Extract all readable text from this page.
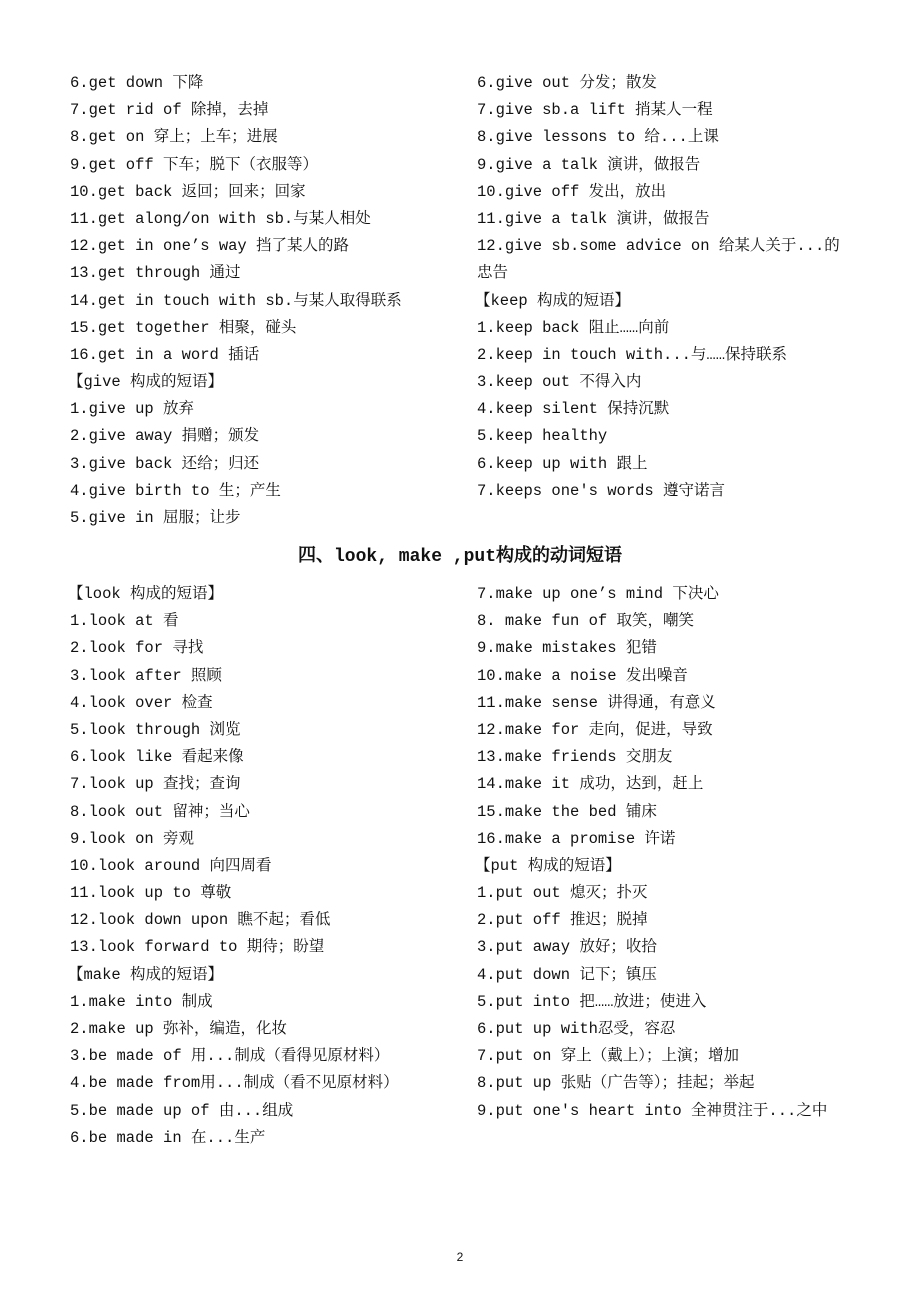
6.get down 下降
7.get rid of 除掉，去掉
8.get on 穿上；上车；进展
9.get off 下车；脱下（衣服等）
10.get back 返回；回来；回家
11.get along/on with sb.与某人相处
12.get in one’s way 挡了某人的路
13.get through 通过
14.get in touch with sb.与某人取得联系
15.get together 相聚，碰头
16.get in a word 插话
【give 构成的短语】
1.give up 放弃
2.give away 捐赠；颁发
3.give back 还给；归还
4.give birth to 生；产生
5.give in 屈服；让步
6.give out 分发；散发
7.give sb.a lift 捎某人一程
8.give lessons to 给...上课
9.give a talk 演讲，做报告
10.give off 发出，放出
11.give a talk 演讲，做报告
12.give sb.some advice on 给某人关于...的
忠告
【keep 构成的短语】
1.keep back 阻止……向前
2.keep in touch with...与……保持联系
3.keep out 不得入内
4.keep silent 保持沉默
5.keep healthy
6.keep up with 跟上
7.keeps one's words 遵守诺言
四、look, make ,put构成的动词短语
【look 构成的短语】
1.look at 看
2.look for 寻找
3.look after 照顾
4.look over 检查
5.look through 浏览
6.look like 看起来像
7.look up 查找；查询
8.look out 留神；当心
9.look on 旁观
10.look around 向四周看
11.look up to 尊敬
12.look down upon 瞧不起；看低
13.look forward to 期待；盼望
【make 构成的短语】
1.make into 制成
2.make up 弥补，编造，化妆
3.be made of 用...制成（看得见原材料）
4.be made from用...制成（看不见原材料）
5.be made up of 由...组成
6.be made in 在...生产
7.make up one’s mind 下决心
8. make fun of 取笑，嘲笑
9.make mistakes 犯错
10.make a noise 发出噪音
11.make sense 讲得通，有意义
12.make for 走向，促进，导致
13.make friends 交朋友
14.make it 成功，达到，赶上
15.make the bed 铺床
16.make a promise 许诺
【put 构成的短语】
1.put out 熄灭；扑灭
2.put off 推迟；脱掉
3.put away 放好；收拾
4.put down 记下；镇压
5.put into 把……放进；使进入
6.put up with忍受，容忍
7.put on 穿上（戴上）；上演；增加
8.put up 张贴（广告等）；挂起；举起
9.put one's heart into 全神贯注于...之中
2
